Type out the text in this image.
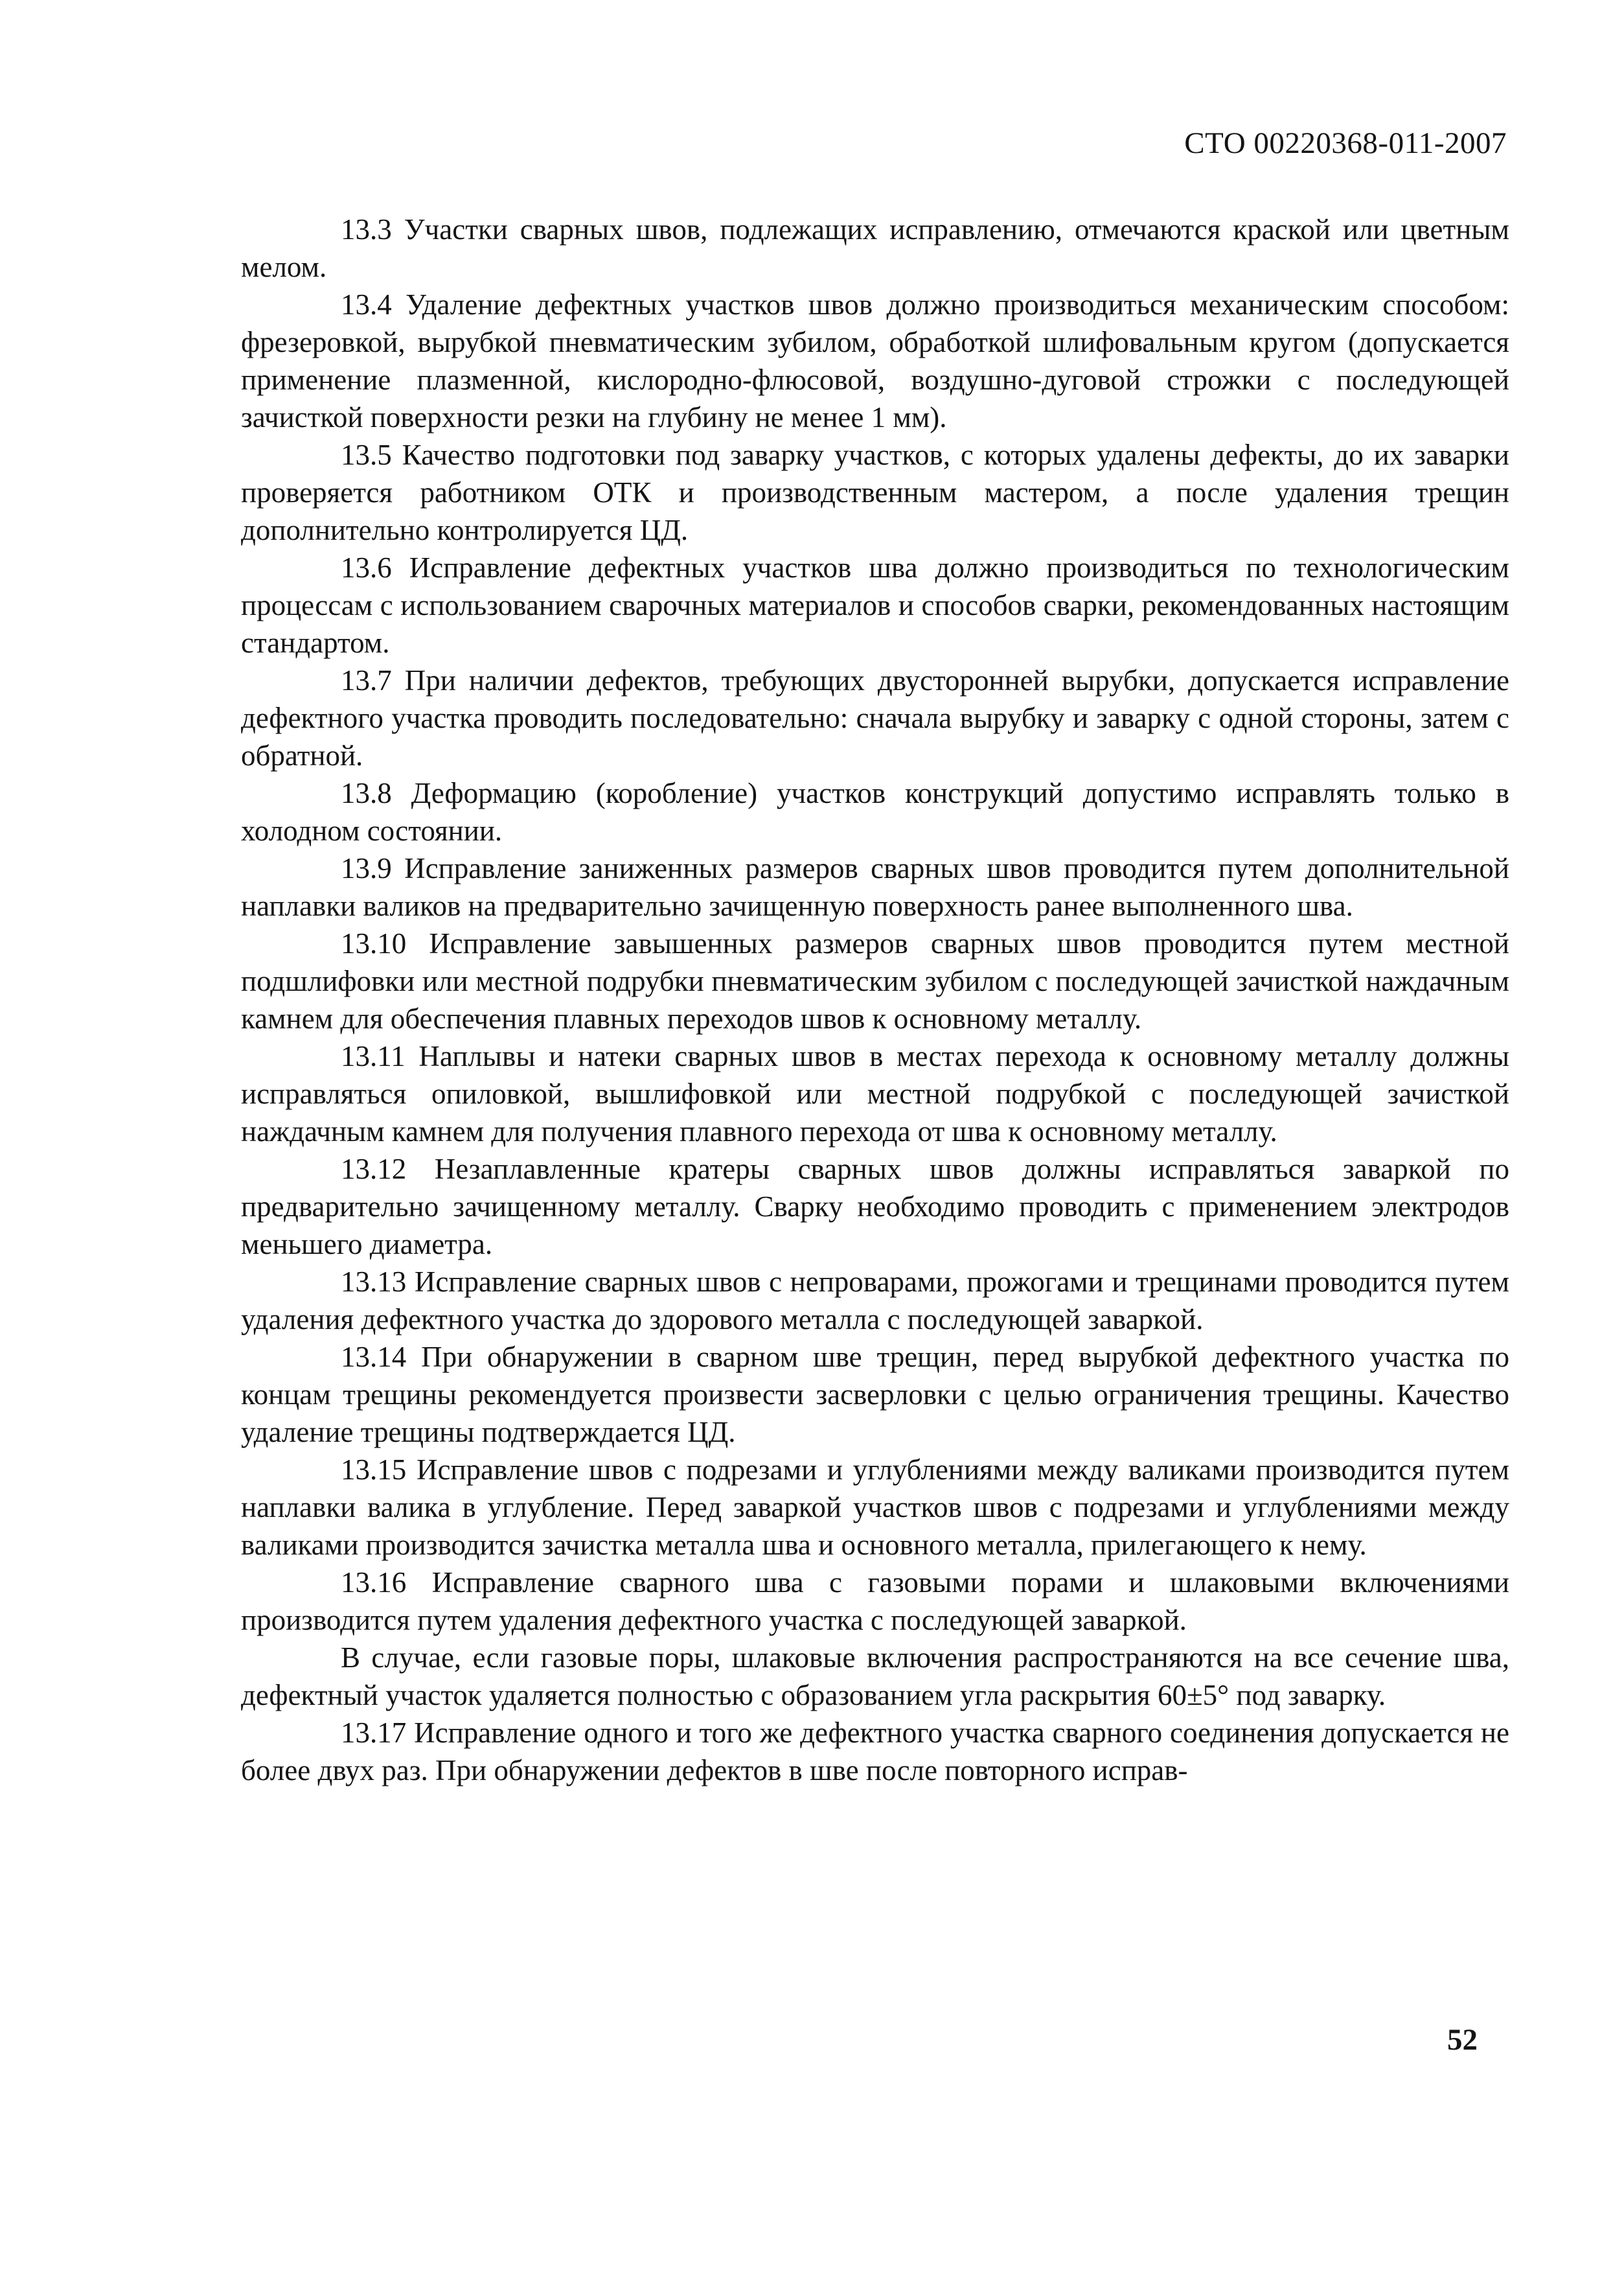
СТО 00220368-011-2007

13.3 Участки сварных швов, подлежащих исправлению, отмечаются краской или цветным мелом.

13.4 Удаление дефектных участков швов должно производиться механическим способом: фрезеровкой, вырубкой пневматическим зубилом, обработкой шлифовальным кругом (допускается применение плазменной, кислородно-флюсовой, воздушно-дуговой строжки с последующей зачисткой поверхности резки на глубину не менее 1 мм).

13.5 Качество подготовки под заварку участков, с которых удалены дефекты, до их заварки проверяется работником ОТК и производственным мастером, а после удаления трещин дополнительно контролируется ЦД.

13.6 Исправление дефектных участков шва должно производиться по технологическим процессам с использованием сварочных материалов и способов сварки, рекомендованных настоящим стандартом.

13.7 При наличии дефектов, требующих двусторонней вырубки, допускается исправление дефектного участка проводить последовательно: сначала вырубку и заварку с одной стороны, затем с обратной.

13.8 Деформацию (коробление) участков конструкций допустимо исправлять только в холодном состоянии.

13.9 Исправление заниженных размеров сварных швов проводится путем дополнительной наплавки валиков на предварительно зачищенную поверхность ранее выполненного шва.

13.10 Исправление завышенных размеров сварных швов проводится путем местной подшлифовки или местной подрубки пневматическим зубилом с последующей зачисткой наждачным камнем для обеспечения плавных переходов швов к основному металлу.

13.11 Наплывы и натеки сварных швов в местах перехода к основному металлу должны исправляться опиловкой, вышлифовкой или местной подрубкой с последующей зачисткой наждачным камнем для получения плавного перехода от шва к основному металлу.

13.12 Незаплавленные кратеры сварных швов должны исправляться заваркой по предварительно зачищенному металлу. Сварку необходимо проводить с применением электродов меньшего диаметра.

13.13 Исправление сварных швов с непроварами, прожогами и трещинами проводится путем удаления дефектного участка до здорового металла с последующей заваркой.

13.14 При обнаружении в сварном шве трещин, перед вырубкой дефектного участка по концам трещины рекомендуется произвести засверловки с целью ограничения трещины. Качество удаление трещины подтверждается ЦД.

13.15 Исправление швов с подрезами и углублениями между валиками производится путем наплавки валика в углубление. Перед заваркой участков швов с подрезами и углублениями между валиками производится зачистка металла шва и основного металла, прилегающего к нему.

13.16 Исправление сварного шва с газовыми порами и шлаковыми включениями производится путем удаления дефектного участка с последующей заваркой.

В случае, если газовые поры, шлаковые включения распространяются на все сечение шва, дефектный участок удаляется полностью с образованием угла раскрытия 60±5° под заварку.

13.17 Исправление одного и того же дефектного участка сварного соединения допускается не более двух раз. При обнаружении дефектов в шве после повторного исправ-

52
